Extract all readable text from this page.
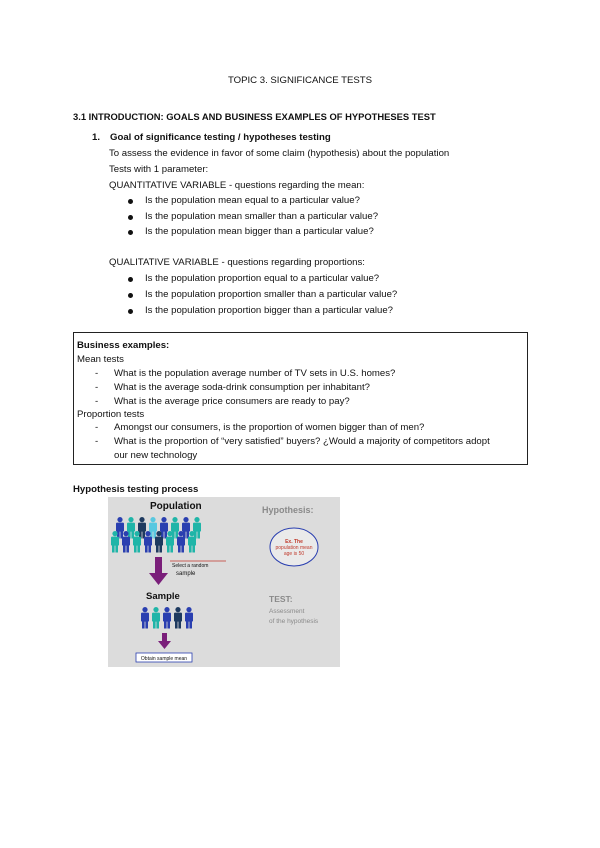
TOPIC 3. SIGNIFICANCE TESTS
3.1 INTRODUCTION: GOALS AND BUSINESS EXAMPLES OF HYPOTHESES TEST
1. Goal of significance testing / hypotheses testing
To assess the evidence in favor of some claim (hypothesis) about the population
Tests with 1 parameter:
QUANTITATIVE VARIABLE - questions regarding the mean:
Is the population mean equal to a particular value?
Is the population mean smaller than a particular value?
Is the population mean bigger than a particular value?
QUALITATIVE VARIABLE - questions regarding proportions:
Is the population proportion equal to a particular value?
Is the population proportion smaller than a particular value?
Is the population proportion bigger than a particular value?
Business examples:
Mean tests
- What is the population average number of TV sets in U.S. homes?
- What is the average soda-drink consumption per inhabitant?
- What is the average price consumers are ready to pay?
Proportion tests
- Amongst our consumers, is the proportion of women bigger than of men?
- What is the proportion of “very satisfied” buyers? ¿Would a majority of competitors adopt
our new technology
Hypothesis testing process
Population
Select a random
sample
Sample
Obtain sample mean
Hypothesis:
Ex. The
population mean
age is 50
TEST:
Assessment
of the hypothesis
